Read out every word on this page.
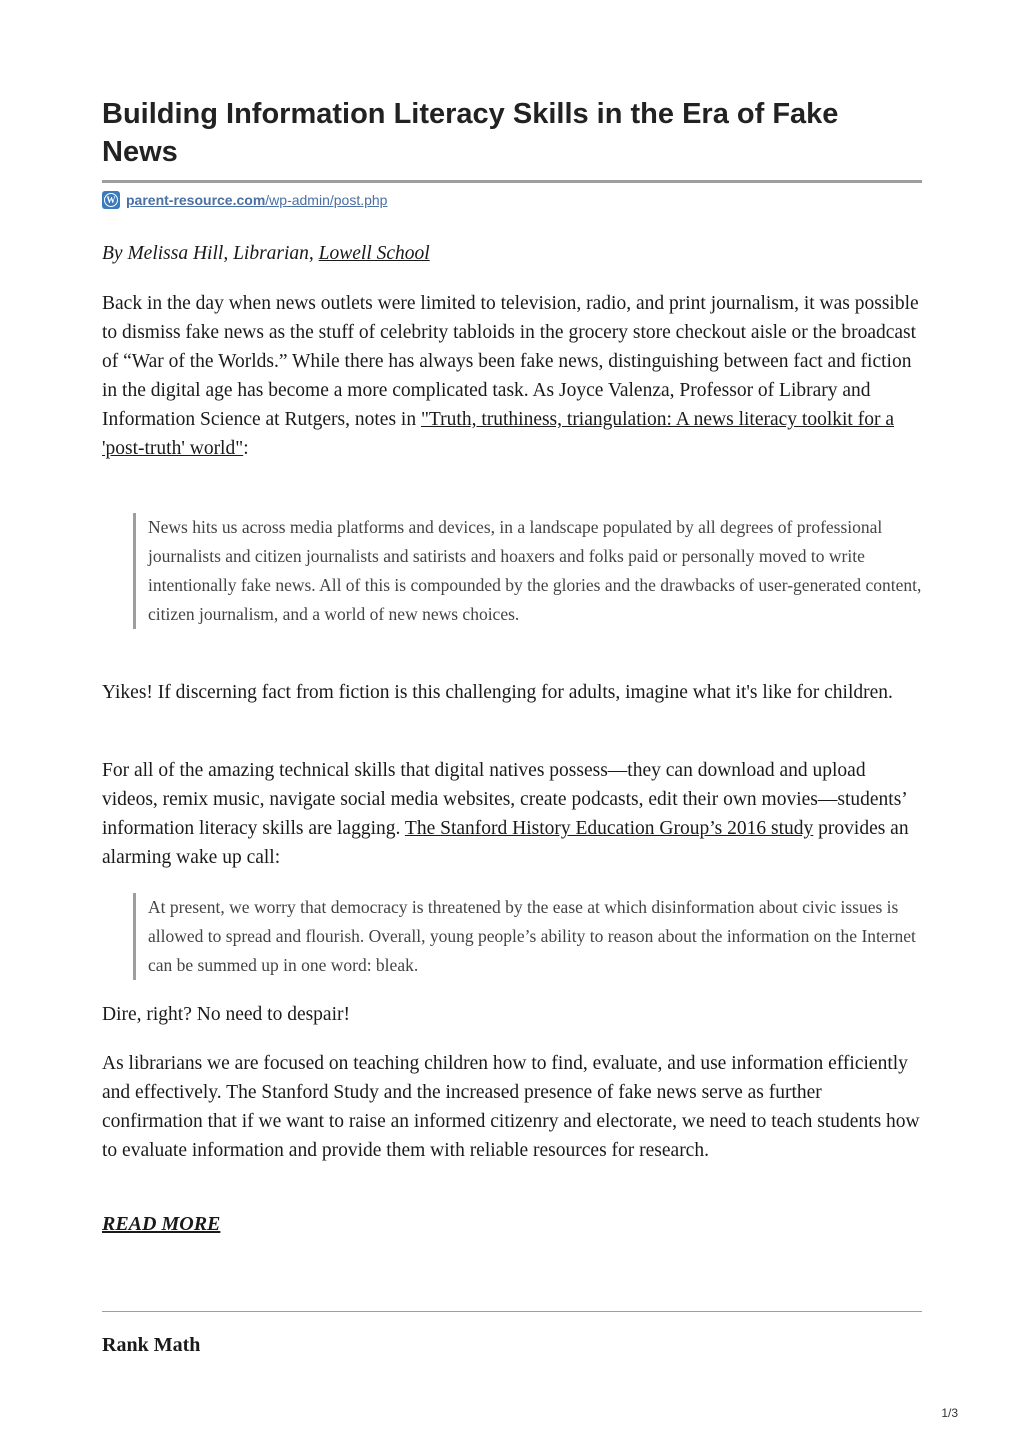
Building Information Literacy Skills in the Era of Fake News
W parent-resource.com /wp-admin/post.php

By Melissa Hill, Librarian, Lowell School

Back in the day when news outlets were limited to television, radio, and print journalism, it was possible to dismiss fake news as the stuff of celebrity tabloids in the grocery store checkout aisle or the broadcast of “War of the Worlds.” While there has always been fake news, distinguishing between fact and fiction in the digital age has become a more complicated task. As Joyce Valenza, Professor of Library and Information Science at Rutgers, notes in "Truth, truthiness, triangulation: A news literacy toolkit for a 'post-truth' world":

News hits us across media platforms and devices, in a landscape populated by all degrees of professional journalists and citizen journalists and satirists and hoaxers and folks paid or personally moved to write intentionally fake news. All of this is compounded by the glories and the drawbacks of user-generated content, citizen journalism, and a world of new news choices.

Yikes! If discerning fact from fiction is this challenging for adults, imagine what it's like for children.

For all of the amazing technical skills that digital natives possess—they can download and upload videos, remix music, navigate social media websites, create podcasts, edit their own movies—students’ information literacy skills are lagging. The Stanford History Education Group’s 2016 study provides an alarming wake up call:

At present, we worry that democracy is threatened by the ease at which disinformation about civic issues is allowed to spread and flourish. Overall, young people’s ability to reason about the information on the Internet can be summed up in one word: bleak.

Dire, right? No need to despair!

As librarians we are focused on teaching children how to find, evaluate, and use information efficiently and effectively. The Stanford Study and the increased presence of fake news serve as further confirmation that if we want to raise an informed citizenry and electorate, we need to teach students how to evaluate information and provide them with reliable resources for research.

READ MORE
Rank Math
1/3
